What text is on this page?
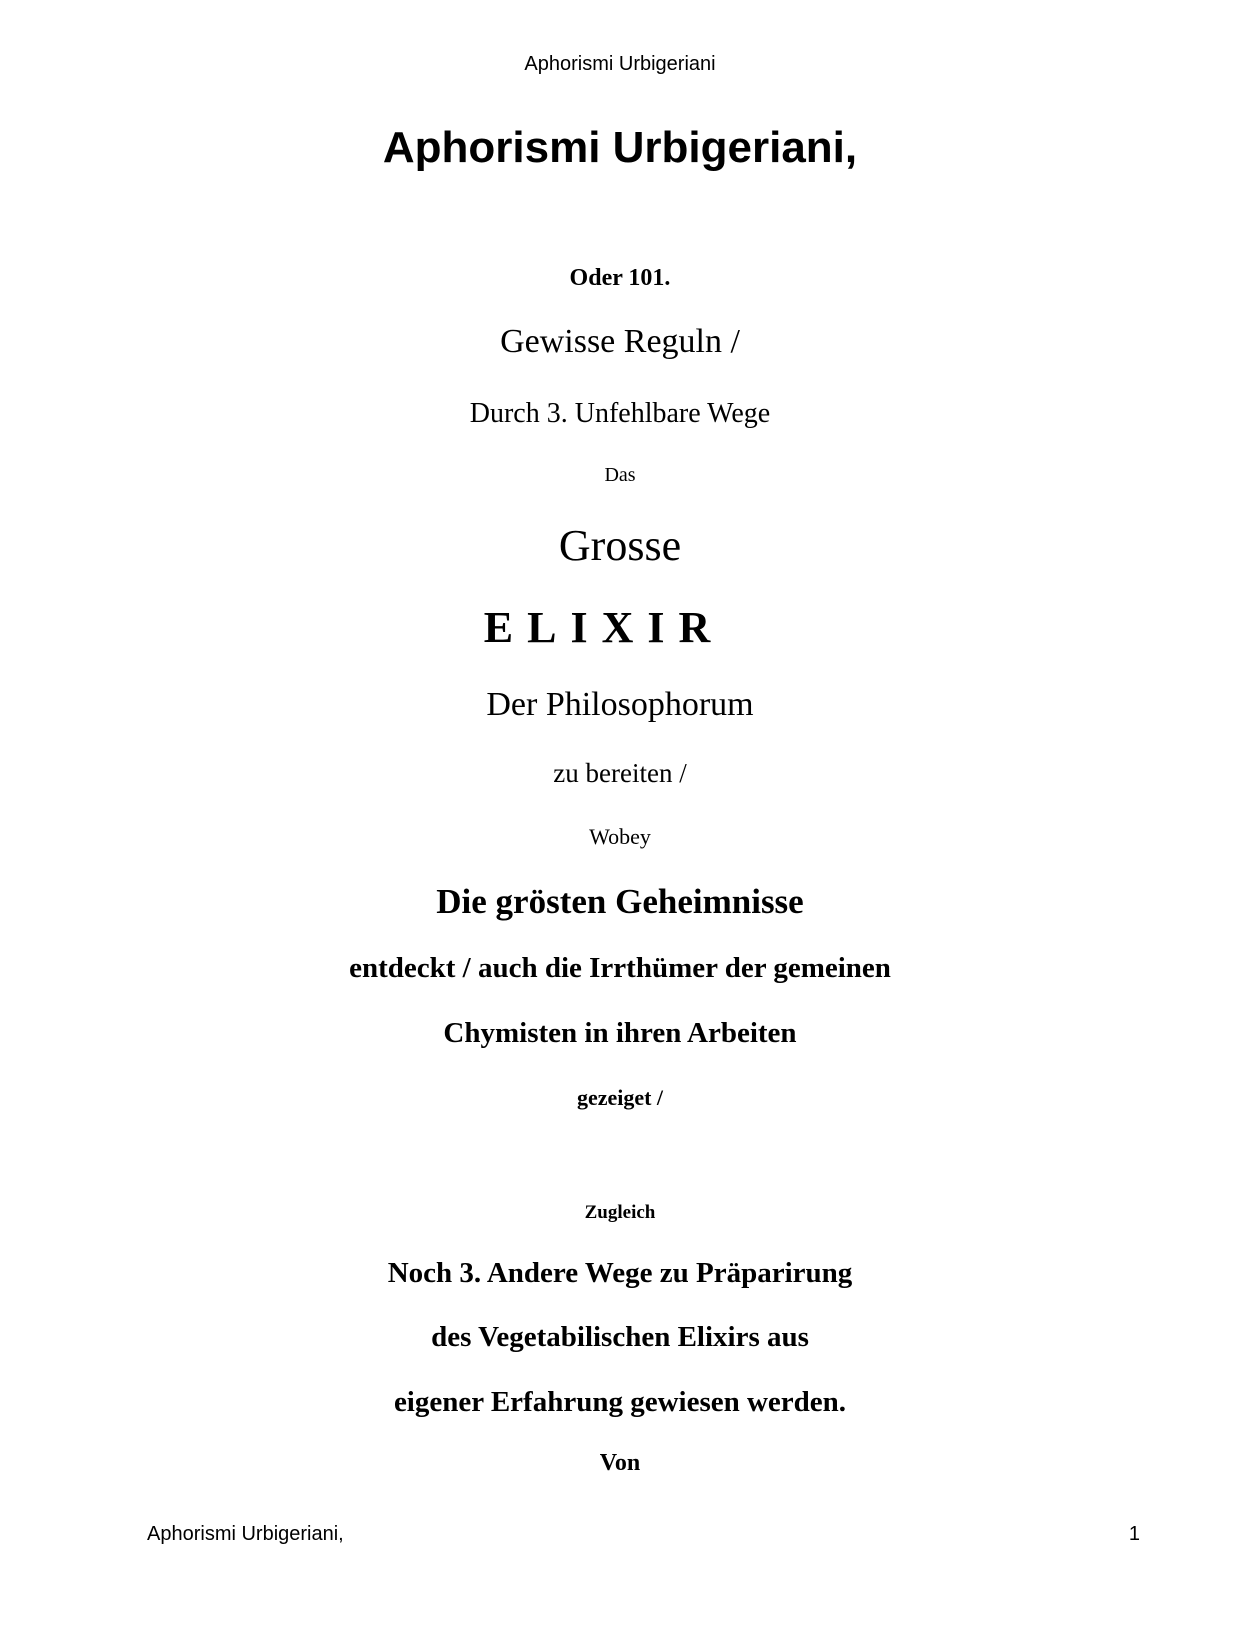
Aphorismi Urbigeriani
Aphorismi Urbigeriani,
Oder 101.
Gewisse Reguln /
Durch 3. Unfehlbare Wege
Das
Grosse
ELIXIR
Der Philosophorum
zu bereiten /
Wobey
Die grösten Geheimnisse
entdeckt / auch die Irrthümer der gemeinen
Chymisten in ihren Arbeiten
gezeiget /
Zugleich
Noch 3. Andere Wege zu Präparirung
des Vegetabilischen Elixirs aus
eigener Erfahrung gewiesen werden.
Von
Aphorismi Urbigeriani,	1
